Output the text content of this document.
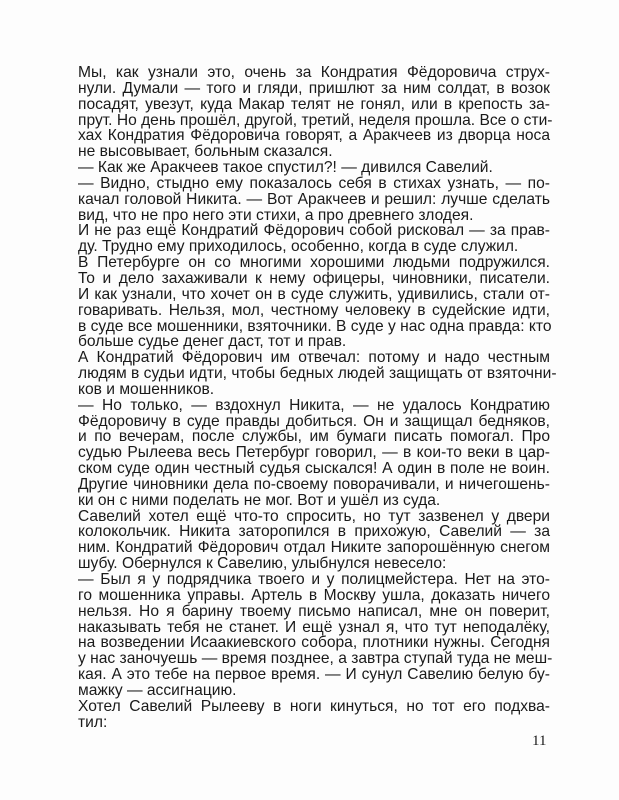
Мы, как узнали это, очень за Кондратия Фёдоровича струх-
нули. Думали — того и гляди, пришлют за ним солдат, в возок
посадят, увезут, куда Макар телят не гонял, или в крепость за-
прут. Но день прошёл, другой, третий, неделя прошла. Все о сти-
хах Кондратия Фёдоровича говорят, а Аракчеев из дворца носа
не высовывает, больным сказался.

— Как же Аракчеев такое спустил?! — дивился Савелий.

— Видно, стыдно ему показалось себя в стихах узнать, — по-
качал головой Никита. — Вот Аракчеев и решил: лучше сделать
вид, что не про него эти стихи, а про древнего злодея.

И не раз ещё Кондратий Фёдорович собой рисковал — за прав-
ду. Трудно ему приходилось, особенно, когда в суде служил.

В Петербурге он со многими хорошими людьми подружился.
То и дело захаживали к нему офицеры, чиновники, писатели.
И как узнали, что хочет он в суде служить, удивились, стали от-
говаривать. Нельзя, мол, честному человеку в судейские идти,
в суде все мошенники, взяточники. В суде у нас одна правда: кто
больше судье денег даст, тот и прав.

А Кондратий Фёдорович им отвечал: потому и надо честным
людям в судьи идти, чтобы бедных людей защищать от взяточни-
ков и мошенников.

— Но только, — вздохнул Никита, — не удалось Кондратию
Фёдоровичу в суде правды добиться. Он и защищал бедняков,
и по вечерам, после службы, им бумаги писать помогал. Про
судью Рылеева весь Петербург говорил, — в кои-то веки в цар-
ском суде один честный судья сыскался! А один в поле не воин.
Другие чиновники дела по-своему поворачивали, и ничегошень-
ки он с ними поделать не мог. Вот и ушёл из суда.

Савелий хотел ещё что-то спросить, но тут зазвенел у двери
колокольчик. Никита заторопился в прихожую, Савелий — за
ним. Кондратий Фёдорович отдал Никите запорошённую снегом
шубу. Обернулся к Савелию, улыбнулся невесело:

— Был я у подрядчика твоего и у полицмейстера. Нет на это-
го мошенника управы. Артель в Москву ушла, доказать ничего
нельзя. Но я барину твоему письмо написал, мне он поверит,
наказывать тебя не станет. И ещё узнал я, что тут неподалёку,
на возведении Исаакиевского собора, плотники нужны. Сегодня
у нас заночуешь — время позднее, а завтра ступай туда не меш-
кая. А это тебе на первое время. — И сунул Савелию белую бу-
мажку — ассигнацию.

Хотел Савелий Рылееву в ноги кинуться, но тот его подхва-
тил:

11
